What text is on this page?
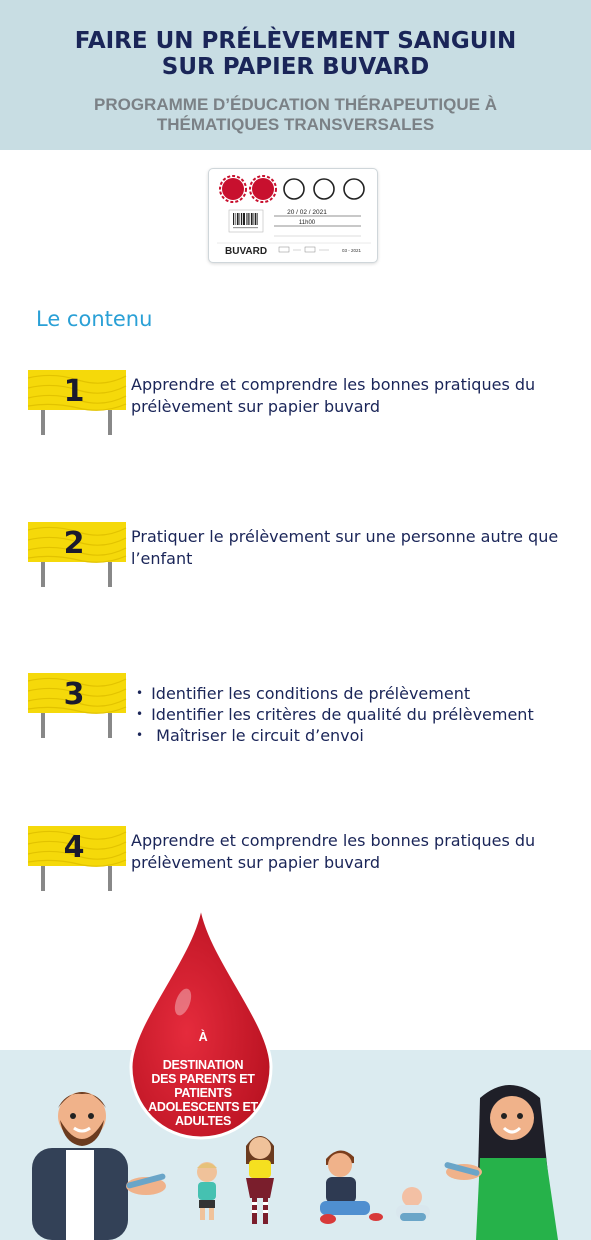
FAIRE UN PRÉLÈVEMENT SANGUIN
SUR PAPIER BUVARD
PROGRAMME D’ÉDUCATION THÉRAPEUTIQUE À
THÉMATIQUES TRANSVERSALES
20 / 02 / 2021
11h00
BUVARD	03 - 2021
Le contenu
1	Apprendre et comprendre les bonnes pratiques du prélèvement sur papier buvard
2	Pratiquer le prélèvement sur une personne autre que l’enfant
3
•	Identifier les conditions de prélèvement
• Identifier les critères de qualité du prélèvement
• Maîtriser le circuit d’envoi
4	Apprendre et comprendre les bonnes pratiques du prélèvement sur papier buvard

À

DESTINATION
DES PARENTS ET
PATIENTS
ADOLESCENTS ET
ADULTES
